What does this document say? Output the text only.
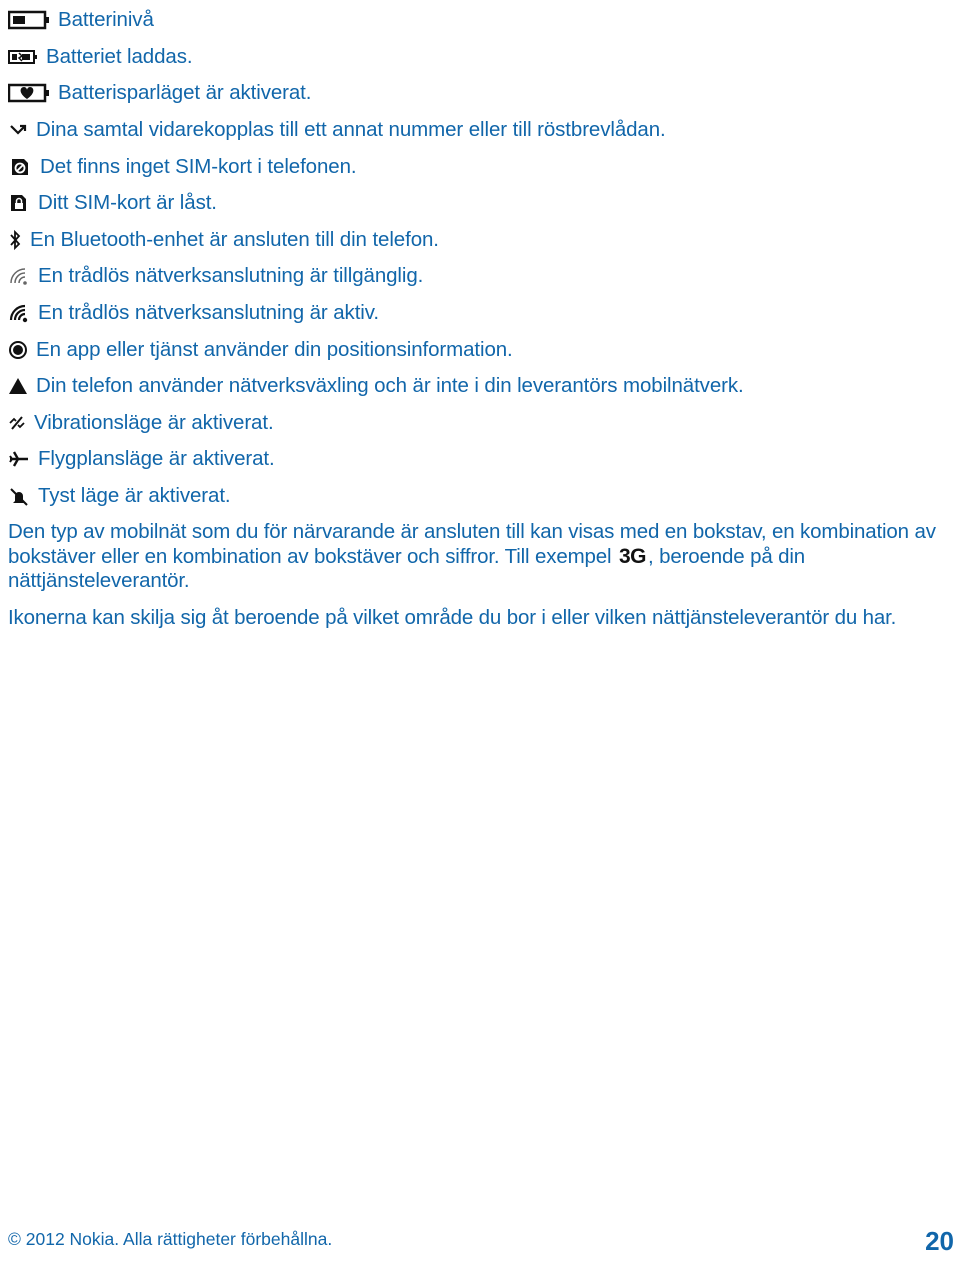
Batterinivå
Batteriet laddas.
Batterisparläget är aktiverat.
Dina samtal vidarekopplas till ett annat nummer eller till röstbrevlådan.
Det finns inget SIM-kort i telefonen.
Ditt SIM-kort är låst.
En Bluetooth-enhet är ansluten till din telefon.
En trådlös nätverksanslutning är tillgänglig.
En trådlös nätverksanslutning är aktiv.
En app eller tjänst använder din positionsinformation.
Din telefon använder nätverksväxling och är inte i din leverantörs mobilnätverk.
Vibrationsläge är aktiverat.
Flygplansläge är aktiverat.
Tyst läge är aktiverat.
Den typ av mobilnät som du för närvarande är ansluten till kan visas med en bokstav, en kombination av bokstäver eller en kombination av bokstäver och siffror. Till exempel 3G, beroende på din nättjänsteleverantör.
Ikonerna kan skilja sig åt beroende på vilket område du bor i eller vilken nättjänsteleverantör du har.
© 2012 Nokia. Alla rättigheter förbehållna.	20
